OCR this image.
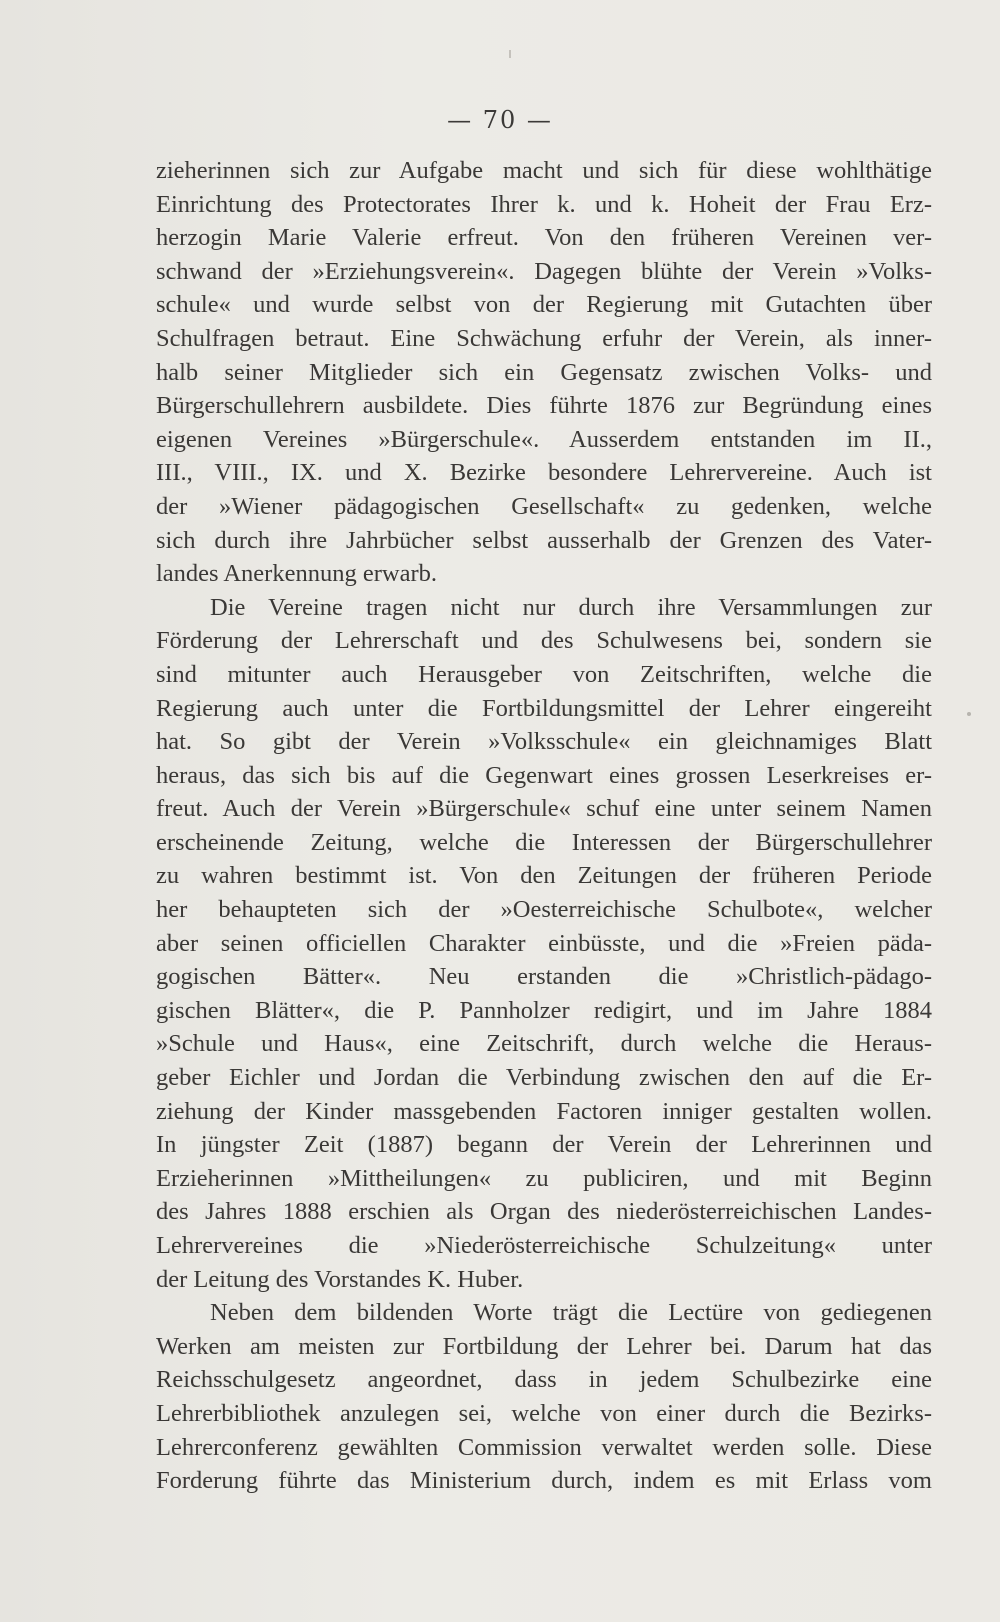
— 70 —
zieherinnen sich zur Aufgabe macht und sich für diese wohlthätige
Einrichtung des Protectorates Ihrer k. und k. Hoheit der Frau Erz-
herzogin Marie Valerie erfreut. Von den früheren Vereinen ver-
schwand der »Erziehungsverein«. Dagegen blühte der Verein »Volks-
schule« und wurde selbst von der Regierung mit Gutachten über
Schulfragen betraut. Eine Schwächung erfuhr der Verein, als inner-
halb seiner Mitglieder sich ein Gegensatz zwischen Volks- und
Bürgerschullehrern ausbildete. Dies führte 1876 zur Begründung eines
eigenen Vereines »Bürgerschule«. Ausserdem entstanden im II.,
III., VIII., IX. und X. Bezirke besondere Lehrervereine. Auch ist
der »Wiener pädagogischen Gesellschaft« zu gedenken, welche
sich durch ihre Jahrbücher selbst ausserhalb der Grenzen des Vater-
landes Anerkennung erwarb.
Die Vereine tragen nicht nur durch ihre Versammlungen zur
Förderung der Lehrerschaft und des Schulwesens bei, sondern sie
sind mitunter auch Herausgeber von Zeitschriften, welche die
Regierung auch unter die Fortbildungsmittel der Lehrer eingereiht
hat. So gibt der Verein »Volksschule« ein gleichnamiges Blatt
heraus, das sich bis auf die Gegenwart eines grossen Leserkreises er-
freut. Auch der Verein »Bürgerschule« schuf eine unter seinem Namen
erscheinende Zeitung, welche die Interessen der Bürgerschullehrer
zu wahren bestimmt ist. Von den Zeitungen der früheren Periode
her behaupteten sich der »Oesterreichische Schulbote«, welcher
aber seinen officiellen Charakter einbüsste, und die »Freien päda-
gogischen Bätter«. Neu erstanden die »Christlich-pädago-
gischen Blätter«, die P. Pannholzer redigirt, und im Jahre 1884
»Schule und Haus«, eine Zeitschrift, durch welche die Heraus-
geber Eichler und Jordan die Verbindung zwischen den auf die Er-
ziehung der Kinder massgebenden Factoren inniger gestalten wollen.
In jüngster Zeit (1887) begann der Verein der Lehrerinnen und
Erzieherinnen »Mittheilungen« zu publiciren, und mit Beginn
des Jahres 1888 erschien als Organ des niederösterreichischen Landes-
Lehrervereines die »Niederösterreichische Schulzeitung« unter
der Leitung des Vorstandes K. Huber.
Neben dem bildenden Worte trägt die Lectüre von gediegenen
Werken am meisten zur Fortbildung der Lehrer bei. Darum hat das
Reichsschulgesetz angeordnet, dass in jedem Schulbezirke eine
Lehrerbibliothek anzulegen sei, welche von einer durch die Bezirks-
Lehrerconferenz gewählten Commission verwaltet werden solle. Diese
Forderung führte das Ministerium durch, indem es mit Erlass vom
